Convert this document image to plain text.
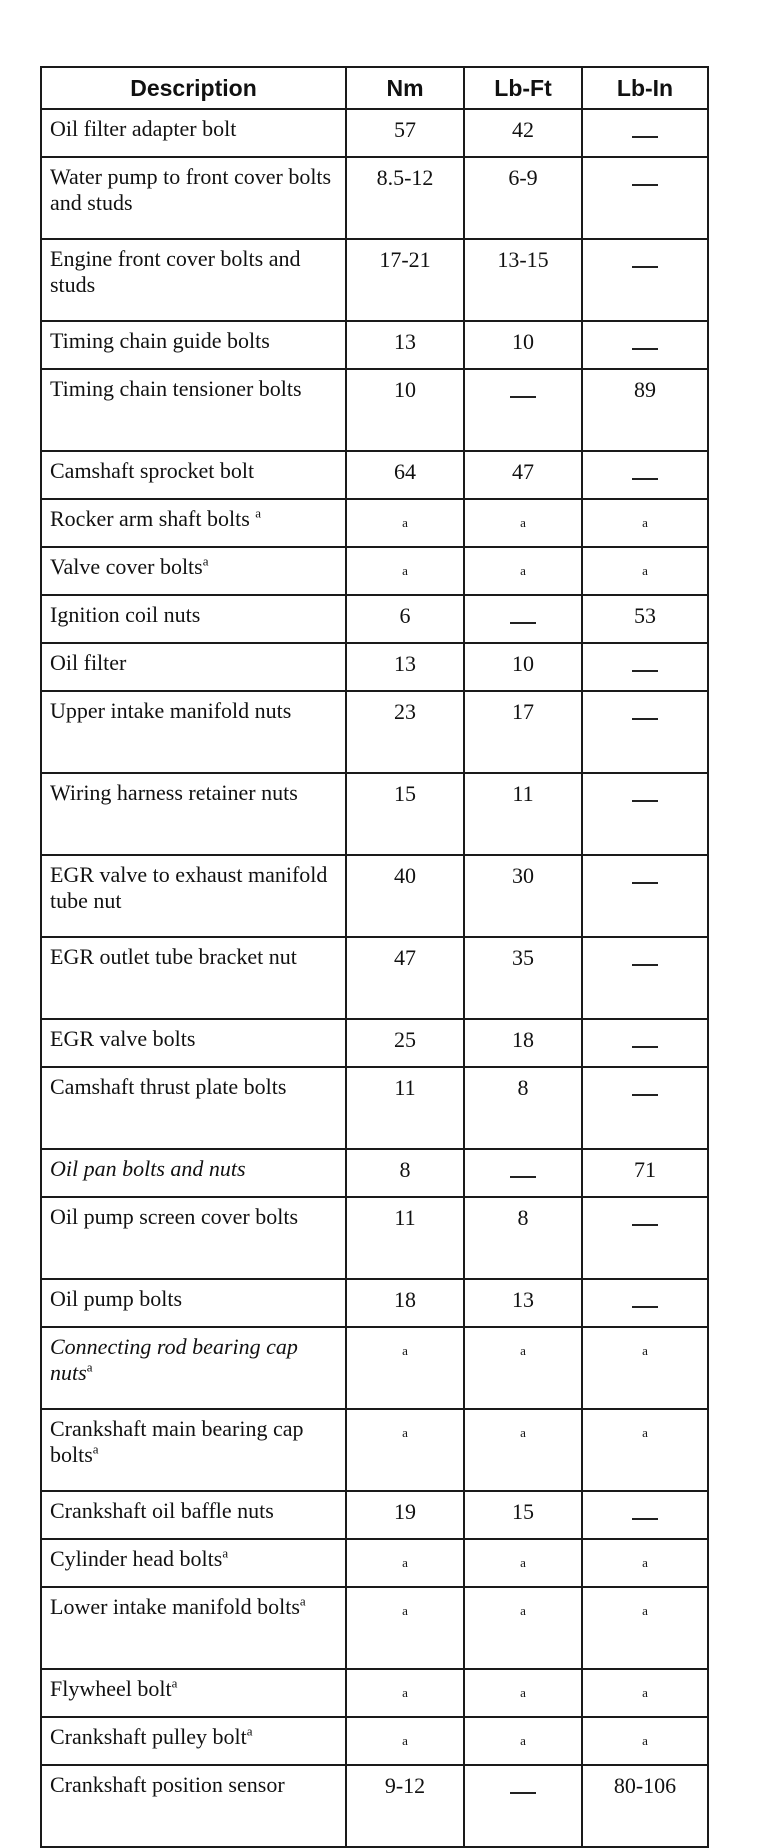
Description	Nm	Lb-Ft	Lb-In
Oil filter adapter bolt	57	42	
Water pump to front cover bolts and studs	8.5-12	6-9	
Engine front cover bolts and studs	17-21	13-15	
Timing chain guide bolts	13	10	
Timing chain tensioner bolts	10		89
Camshaft sprocket bolt	64	47	
Rocker arm shaft bolts $^a$	a	a	a
Valve cover bolts$^a$	a	a	a
Ignition coil nuts	6		53
Oil filter	13	10	
Upper intake manifold nuts	23	17	
Wiring harness retainer nuts	15	11	
EGR valve to exhaust manifold tube nut	40	30	
EGR outlet tube bracket nut	47	35	
EGR valve bolts	25	18	
Camshaft thrust plate bolts	11	8	
Oil pan bolts and nuts	8		71
Oil pump screen cover bolts	11	8	
Oil pump bolts	18	13	
Connecting rod bearing cap nuts$^a$	a	a	a
Crankshaft main bearing cap bolts$^a$	a	a	a
Crankshaft oil baffle nuts	19	15	
Cylinder head bolts$^a$	a	a	a
Lower intake manifold bolts$^a$	a	a	a
Flywheel bolt$^a$	a	a	a
Crankshaft pulley bolt$^a$	a	a	a
Crankshaft position sensor	9-12		80-106
